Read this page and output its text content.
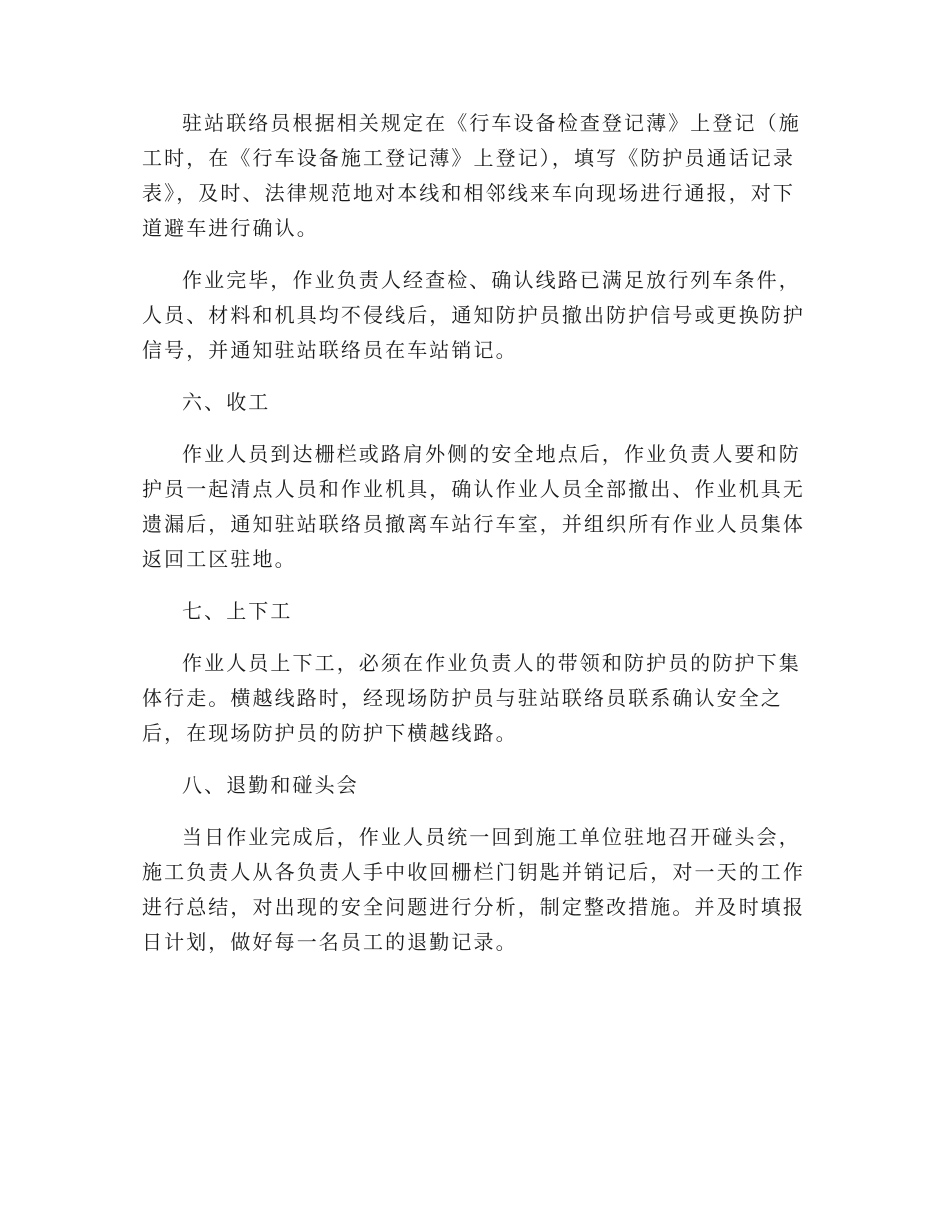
驻站联络员根据相关规定在《行车设备检查登记薄》上登记（施
工时，在《行车设备施工登记薄》上登记），填写《防护员通话记录
表》，及时、法律规范地对本线和相邻线来车向现场进行通报，对下
道避车进行确认。
作业完毕，作业负责人经查检、确认线路已满足放行列车条件，
人员、材料和机具均不侵线后，通知防护员撤出防护信号或更换防护
信号，并通知驻站联络员在车站销记。
六、收工
作业人员到达栅栏或路肩外侧的安全地点后，作业负责人要和防
护员一起清点人员和作业机具，确认作业人员全部撤出、作业机具无
遗漏后，通知驻站联络员撤离车站行车室，并组织所有作业人员集体
返回工区驻地。
七、上下工
作业人员上下工，必须在作业负责人的带领和防护员的防护下集
体行走。横越线路时，经现场防护员与驻站联络员联系确认安全之
后，在现场防护员的防护下横越线路。
八、退勤和碰头会
当日作业完成后，作业人员统一回到施工单位驻地召开碰头会，
施工负责人从各负责人手中收回栅栏门钥匙并销记后，对一天的工作
进行总结，对出现的安全问题进行分析，制定整改措施。并及时填报
日计划，做好每一名员工的退勤记录。
